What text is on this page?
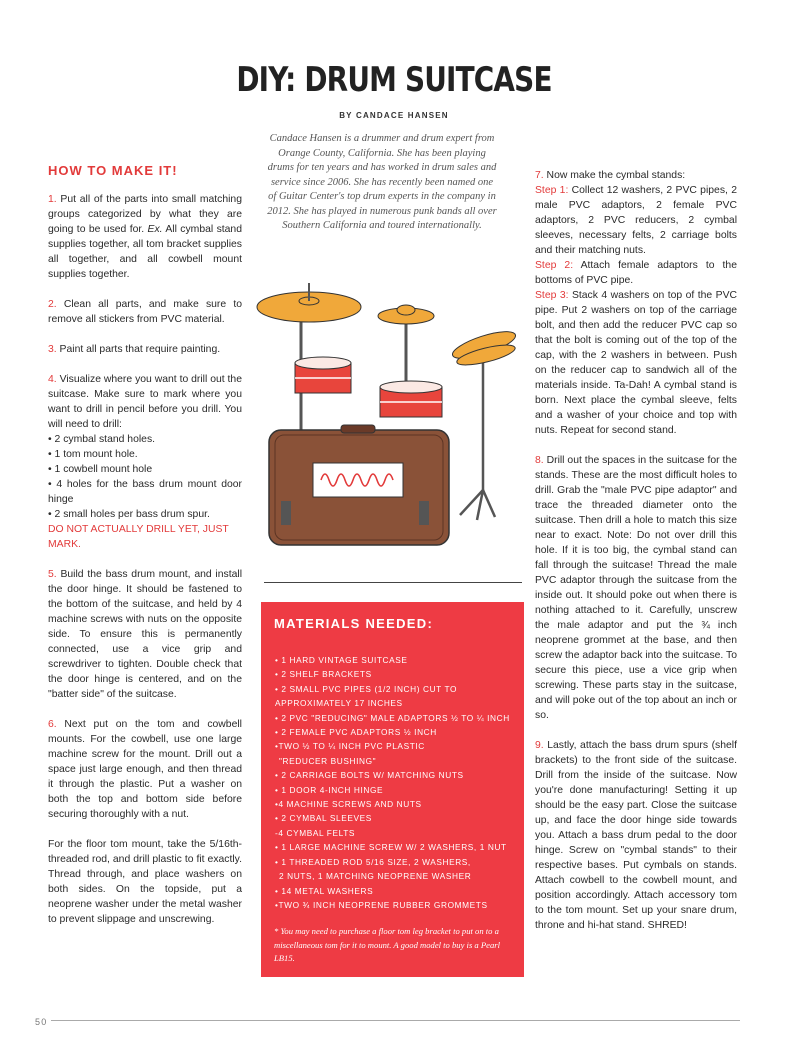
DIY: DRUM SUITCASE
BY CANDACE HANSEN

HOW TO MAKE IT!

1. Put all of the parts into small matching groups categorized by what they are going to be used for. Ex. All cymbal stand supplies together, all tom bracket supplies all together, and all cowbell mount supplies together.

2. Clean all parts, and make sure to remove all stickers from PVC material.

3. Paint all parts that require painting.

4. Visualize where you want to drill out the suitcase. Make sure to mark where you want to drill in pencil before you drill. You will need to drill:

• 2 cymbal stand holes.

• 1 tom mount hole.

• 1 cowbell mount hole

• 4 holes for the bass drum mount door hinge

• 2 small holes per bass drum spur.

DO NOT ACTUALLY DRILL YET, JUST MARK.

5. Build the bass drum mount, and install the door hinge. It should be fastened to the bottom of the suitcase, and held by 4 machine screws with nuts on the opposite side. To ensure this is permanently connected, use a vice grip and screwdriver to tighten. Double check that the door hinge is centered, and on the "batter side" of the suitcase.

6. Next put on the tom and cowbell mounts. For the cowbell, use one large machine screw for the mount. Drill out a space just large enough, and then thread it through the plastic. Put a washer on both the top and bottom side before securing thoroughly with a nut.

For the floor tom mount, take the 5/16th-threaded rod, and drill plastic to fit exactly. Thread through, and place washers on both sides. On the topside, put a neoprene washer under the metal washer to prevent slippage and unscrewing.

Candace Hansen is a drummer and drum expert from Orange County, California. She has been playing drums for ten years and has worked in drum sales and service since 2006. She has recently been named one of Guitar Center's top drum experts in the company in 2012. She has played in numerous punk bands all over Southern California and toured internationally.
MATERIALS NEEDED:
• 1 HARD VINTAGE SUITCASE
• 2 SHELF BRACKETS
• 2 SMALL PVC PIPES (1/2 INCH) CUT TO
APPROXIMATELY 17 INCHES
• 2 PVC "REDUCING" MALE ADAPTORS ½ TO ¼ INCH
• 2 FEMALE PVC ADAPTORS ½ INCH
•TWO ½ TO ¼ INCH PVC PLASTIC
"REDUCER BUSHING"
• 2 CARRIAGE BOLTS W/ MATCHING NUTS
• 1 DOOR 4-INCH HINGE
•4 MACHINE SCREWS AND NUTS
• 2 CYMBAL SLEEVES
-4 CYMBAL FELTS
• 1 LARGE MACHINE SCREW W/ 2 WASHERS, 1 NUT
• 1 THREADED ROD 5/16 SIZE, 2 WASHERS,
2 NUTS, 1 MATCHING NEOPRENE WASHER
• 14 METAL WASHERS
•TWO ¾ INCH NEOPRENE RUBBER GROMMETS
* You may need to purchase a floor tom leg bracket to put on to a miscellaneous tom for it to mount. A good model to buy is a Pearl LB15.

7. Now make the cymbal stands:

Step 1: Collect 12 washers, 2 PVC pipes, 2 male PVC adaptors, 2 female PVC adaptors, 2 PVC reducers, 2 cymbal sleeves, necessary felts, 2 carriage bolts and their matching nuts.

Step 2: Attach female adaptors to the bottoms of PVC pipe.

Step 3: Stack 4 washers on top of the PVC pipe. Put 2 washers on top of the carriage bolt, and then add the reducer PVC cap so that the bolt is coming out of the top of the cap, with the 2 washers in between. Push on the reducer cap to sandwich all of the materials inside. Ta-Dah! A cymbal stand is born. Next place the cymbal sleeve, felts and a washer of your choice and top with nuts. Repeat for second stand.

8. Drill out the spaces in the suitcase for the stands. These are the most difficult holes to drill. Grab the "male PVC pipe adaptor" and trace the threaded diameter onto the suitcase. Then drill a hole to match this size near to exact. Note: Do not over drill this hole. If it is too big, the cymbal stand can fall through the suitcase! Thread the male PVC adaptor through the suitcase from the inside out. It should poke out when there is nothing attached to it. Carefully, unscrew the male adaptor and put the ¾ inch neoprene grommet at the base, and then screw the adaptor back into the suitcase. To secure this piece, use a vice grip when screwing. These parts stay in the suitcase, and will poke out of the top about an inch or so.

9. Lastly, attach the bass drum spurs (shelf brackets) to the front side of the suitcase. Drill from the inside of the suitcase. Now you're done manufacturing! Setting it up should be the easy part. Close the suitcase up, and face the door hinge side towards you. Attach a bass drum pedal to the door hinge. Screw on "cymbal stands" to their respective bases. Put cymbals on stands. Attach cowbell to the cowbell mount, and position accordingly. Attach accessory tom to the tom mount. Set up your snare drum, throne and hi-hat stand. SHRED!

50
